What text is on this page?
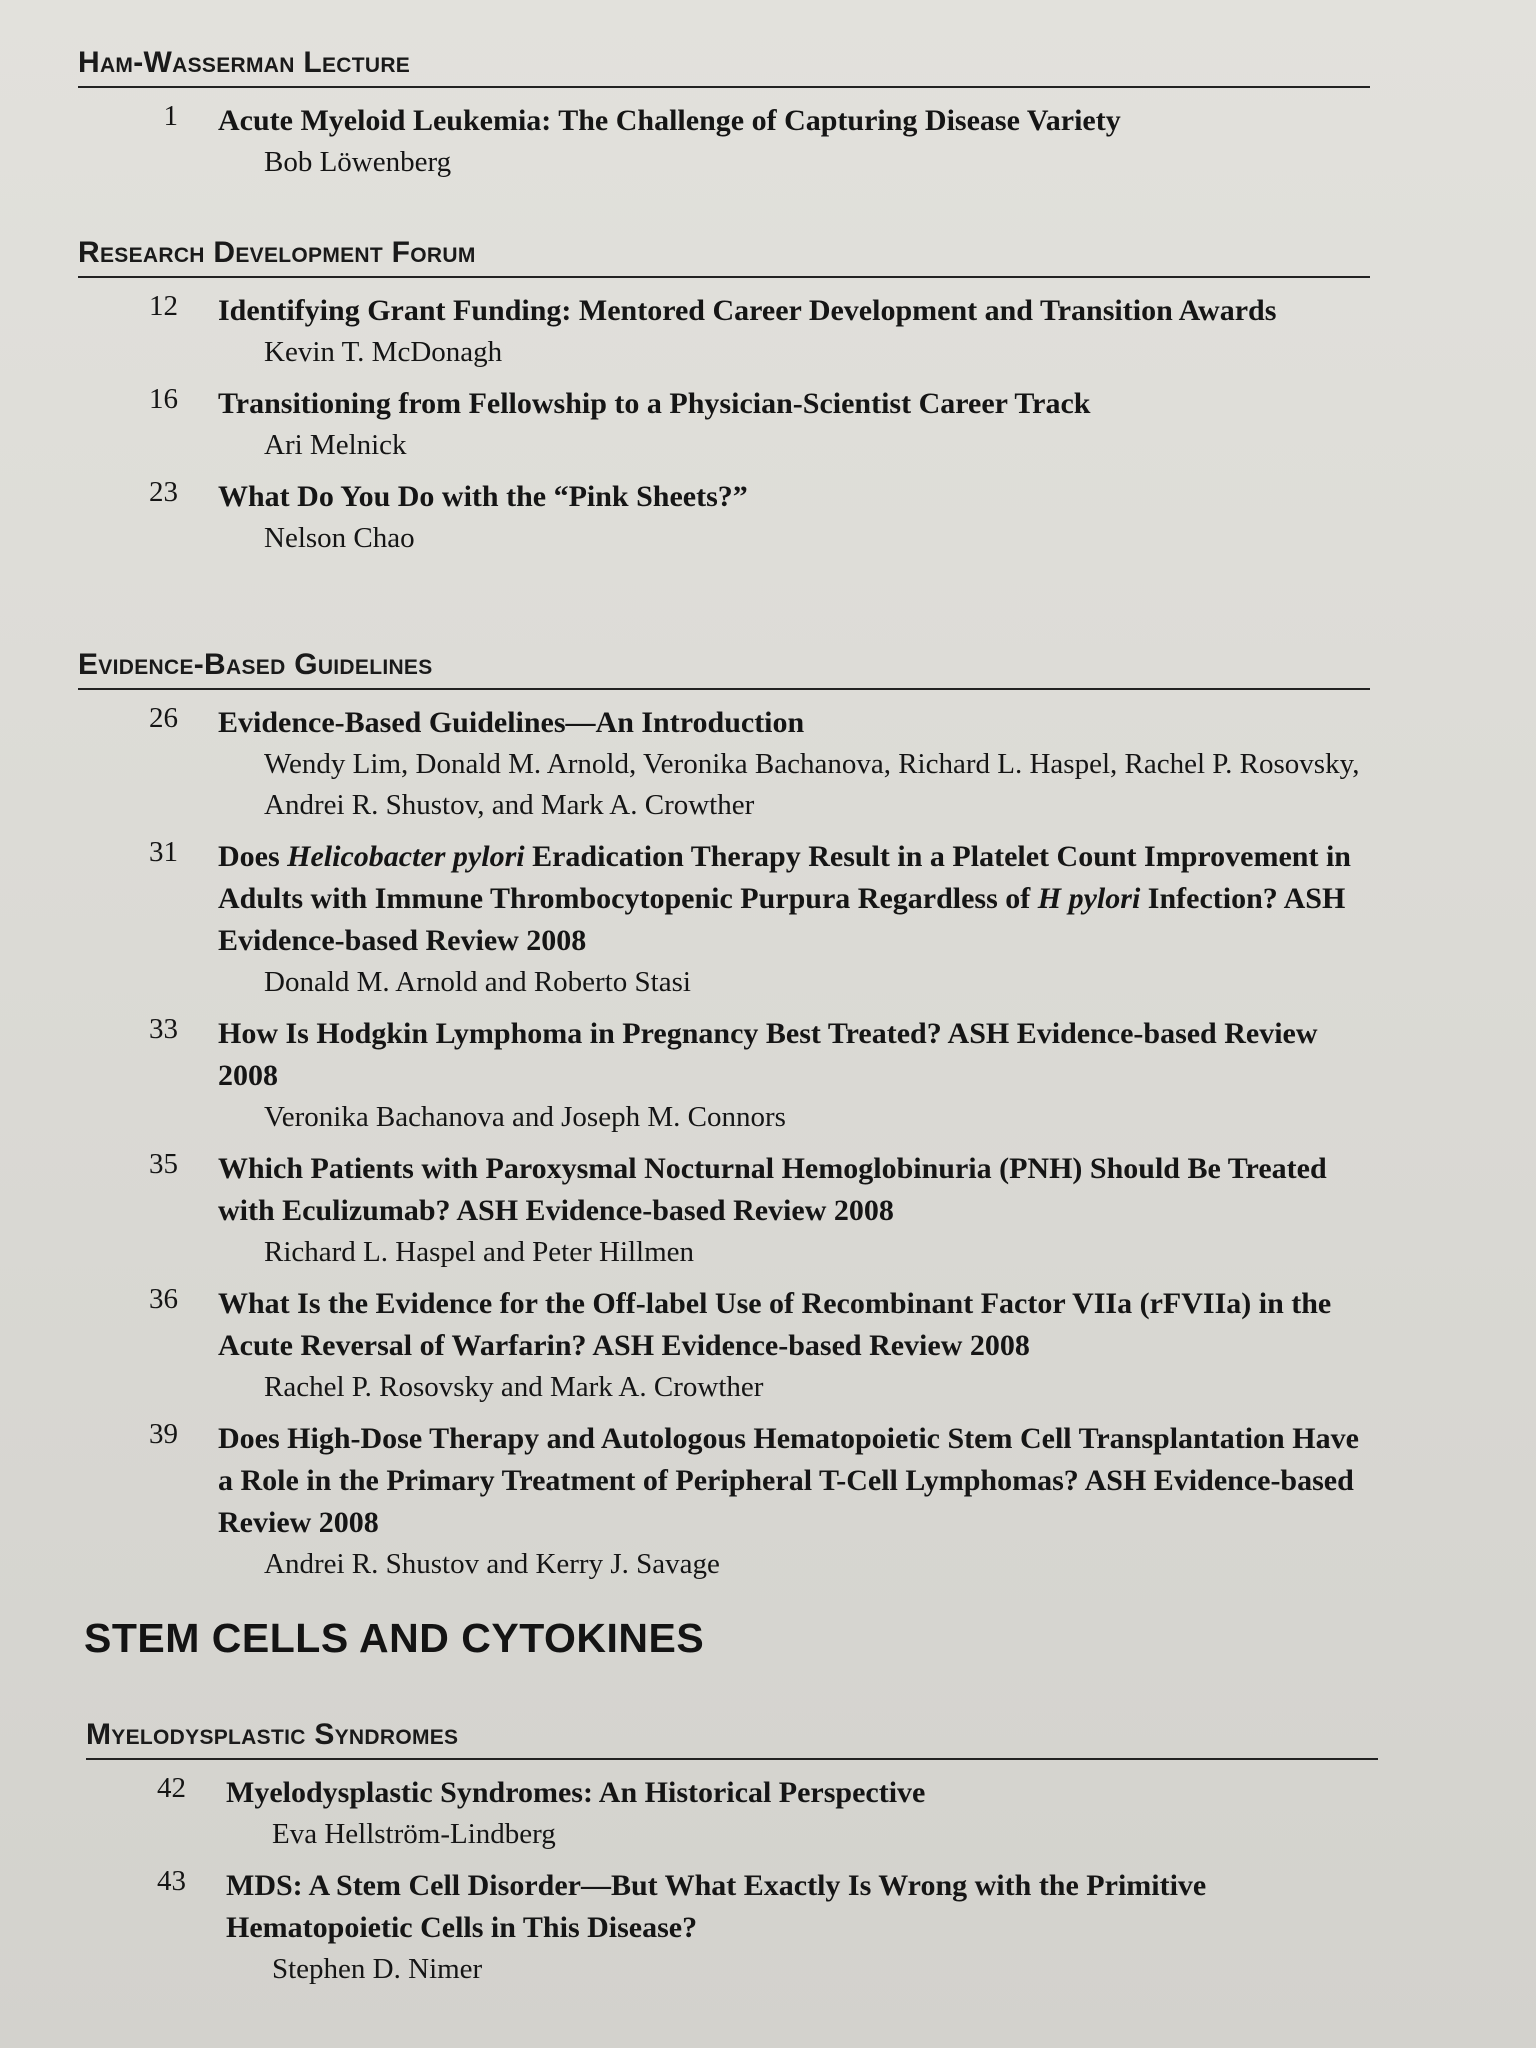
Ham-Wasserman Lecture
1 Acute Myeloid Leukemia: The Challenge of Capturing Disease Variety
Bob Löwenberg
Research Development Forum
12 Identifying Grant Funding: Mentored Career Development and Transition Awards
Kevin T. McDonagh
16 Transitioning from Fellowship to a Physician-Scientist Career Track
Ari Melnick
23 What Do You Do with the “Pink Sheets?”
Nelson Chao
Evidence-Based Guidelines
26 Evidence-Based Guidelines—An Introduction
Wendy Lim, Donald M. Arnold, Veronika Bachanova, Richard L. Haspel, Rachel P. Rosovsky, Andrei R. Shustov, and Mark A. Crowther
31 Does Helicobacter pylori Eradication Therapy Result in a Platelet Count Improvement in Adults with Immune Thrombocytopenic Purpura Regardless of H pylori Infection? ASH Evidence-based Review 2008
Donald M. Arnold and Roberto Stasi
33 How Is Hodgkin Lymphoma in Pregnancy Best Treated? ASH Evidence-based Review 2008
Veronika Bachanova and Joseph M. Connors
35 Which Patients with Paroxysmal Nocturnal Hemoglobinuria (PNH) Should Be Treated with Eculizumab? ASH Evidence-based Review 2008
Richard L. Haspel and Peter Hillmen
36 What Is the Evidence for the Off-label Use of Recombinant Factor VIIa (rFVIIa) in the Acute Reversal of Warfarin? ASH Evidence-based Review 2008
Rachel P. Rosovsky and Mark A. Crowther
39 Does High-Dose Therapy and Autologous Hematopoietic Stem Cell Transplantation Have a Role in the Primary Treatment of Peripheral T-Cell Lymphomas? ASH Evidence-based Review 2008
Andrei R. Shustov and Kerry J. Savage
STEM CELLS AND CYTOKINES
Myelodysplastic Syndromes
42 Myelodysplastic Syndromes: An Historical Perspective
Eva Hellström-Lindberg
43 MDS: A Stem Cell Disorder—But What Exactly Is Wrong with the Primitive Hematopoietic Cells in This Disease?
Stephen D. Nimer
